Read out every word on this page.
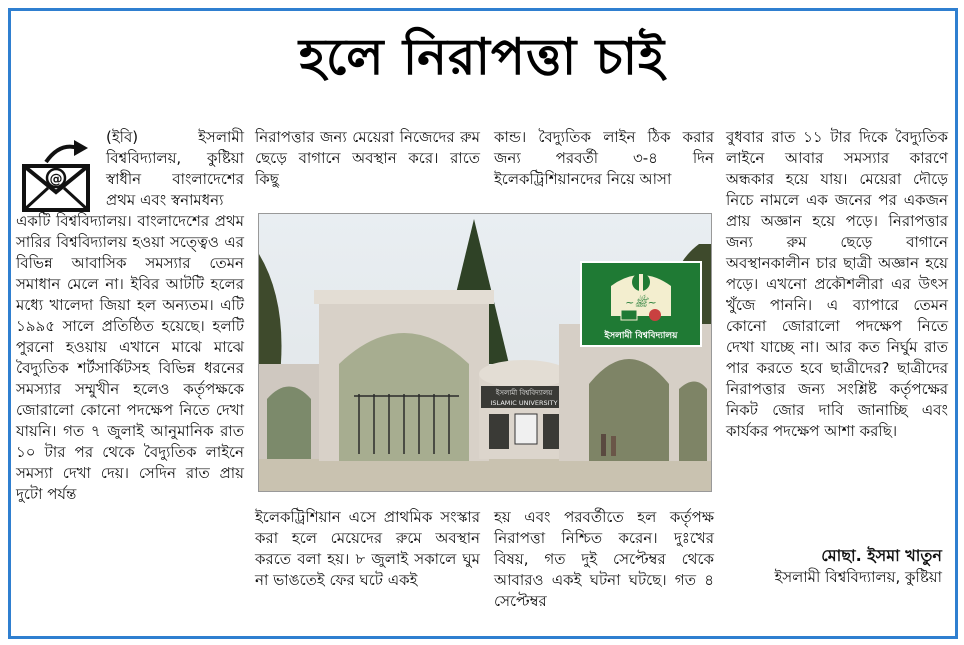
হলে নিরাপত্তা চাই
@

(ইবি) ইসলামী বিশ্ববিদ্যালয়, কুষ্টিয়া স্বাধীন বাংলাদেশের প্রথম এবং স্বনামধন্য

একটি বিশ্ববিদ্যালয়। বাংলাদেশের প্রথম সারির বিশ্ববিদ্যালয় হওয়া সত্ত্বেও এর বিভিন্ন আবাসিক সমস্যার তেমন সমাধান মেলে না। ইবির আটটি হলের মধ্যে খালেদা জিয়া হল অন্যতম। এটি ১৯৯৫ সালে প্রতিষ্ঠিত হয়েছে। হলটি পুরনো হওয়ায় এখানে মাঝে মাঝে বৈদ্যুতিক শর্টসার্কিটসহ বিভিন্ন ধরনের সমস্যার সম্মুখীন হলেও কর্তৃপক্ষকে জোরালো কোনো পদক্ষেপ নিতে দেখা যায়নি। গত ৭ জুলাই আনুমানিক রাত ১০ টার পর থেকে বৈদ্যুতিক লাইনে সমস্যা দেখা দেয়। সেদিন রাত প্রায় দুটো পর্যন্ত

নিরাপত্তার জন্য মেয়েরা নিজেদের রুম ছেড়ে বাগানে অবস্থান করে। রাতে কিছু

কান্ড। বৈদ্যুতিক লাইন ঠিক করার জন্য পরবর্তী ৩-৪ দিন ইলেকট্রিশিয়ানদের নিয়ে আসা

বুধবার রাত ১১ টার দিকে বৈদ্যুতিক লাইনে আবার সমস্যার কারণে অন্ধকার হয়ে যায়। মেয়েরা দৌড়ে নিচে নামলে এক জনের পর একজন প্রায় অজ্ঞান হয়ে পড়ে। নিরাপত্তার জন্য রুম ছেড়ে বাগানে অবস্থানকালীন চার ছাত্রী অজ্ঞান হয়ে পড়ে। এখনো প্রকৌশলীরা এর উৎস খুঁজে পাননি। এ ব্যাপারে তেমন কোনো জোরালো পদক্ষেপ নিতে দেখা যাচ্ছে না। আর কত নির্ঘুম রাত পার করতে হবে ছাত্রীদের? ছাত্রীদের নিরাপত্তার জন্য সংশ্লিষ্ট কর্তৃপক্ষের নিকট জোর দাবি জানাচ্ছি এবং কার্যকর পদক্ষেপ আশা করছি।

ইসলামী বিশ্ববিদ্যালয়
ISLAMIC UNIVERSITY
~ﷺ~
ইসলামী বিশ্ববিদ্যালয়

ইলেকট্রিশিয়ান এসে প্রাথমিক সংস্কার করা হলে মেয়েদের রুমে অবস্থান করতে বলা হয়। ৮ জুলাই সকালে ঘুম না ভাঙতেই ফের ঘটে একই

হয় এবং পরবর্তীতে হল কর্তৃপক্ষ নিরাপত্তা নিশ্চিত করেন। দুঃখের বিষয়, গত দুই সেপ্টেম্বর থেকে আবারও একই ঘটনা ঘটছে। গত ৪ সেপ্টেম্বর

মোছা. ইসমা খাতুন
ইসলামী বিশ্ববিদ্যালয়, কুষ্টিয়া
